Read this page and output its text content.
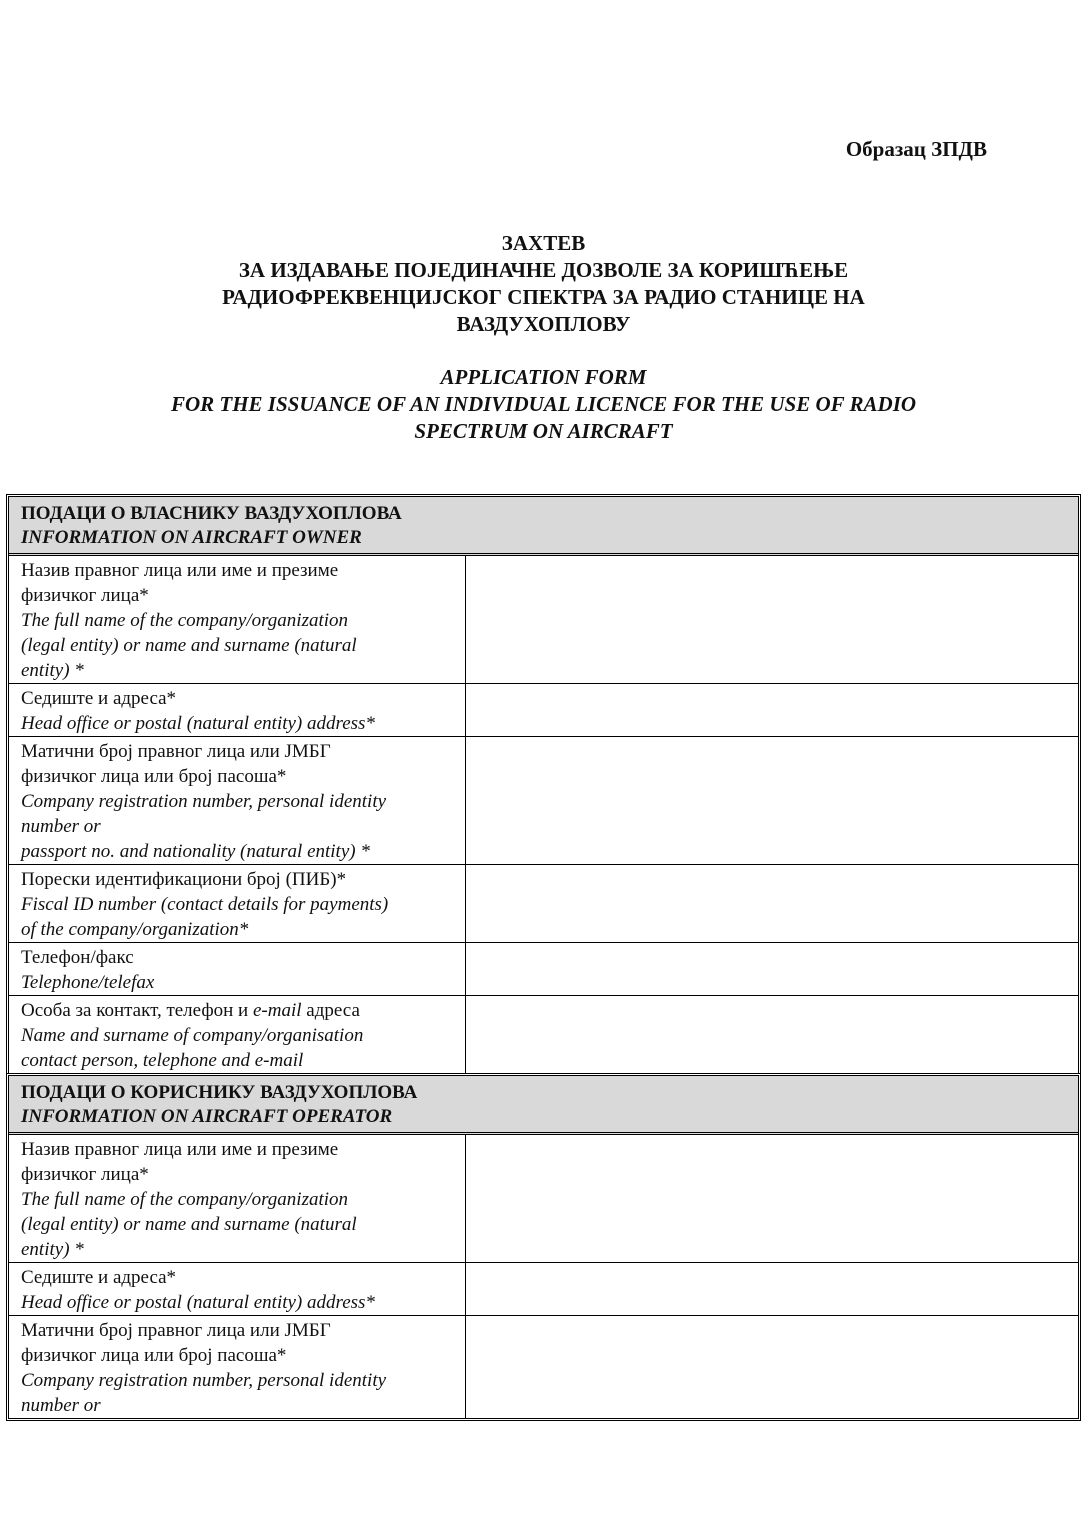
Образац ЗПДВ
ЗАХТЕВ
ЗА ИЗДАВАЊЕ ПОЈЕДИНАЧНЕ ДОЗВОЛЕ ЗА КОРИШЋЕЊЕ
РАДИОФРЕКВЕНЦИЈСКОГ СПЕКТРА ЗА РАДИО СТАНИЦЕ НА
ВАЗДУХОПЛОВУ
APPLICATION FORM
FOR THE ISSUANCE OF AN INDIVIDUAL LICENCE FOR THE USE OF RADIO
SPECTRUM ON AIRCRAFT
ПОДАЦИ О ВЛАСНИКУ ВАЗДУХОПЛОВА
INFORMATION ON AIRCRAFT OWNER
Назив правног лица или име и презиме
физичког лица*
The full name of the company/organization
(legal entity) or name and surname (natural
entity) *
Седиште и адреса*
Head office or postal (natural entity) address*
Матични број правног лица или ЈМБГ
физичког лица или број пасоша*
Company registration number, personal identity
number or
passport no. and nationality (natural entity) *
Порески идентификациони број (ПИБ)*
Fiscal ID number (contact details for payments)
of the company/organization*
Телефон/факс
Telephone/telefax
Особа за контакт, телефон и e-mail адреса
Name and surname of company/organisation
contact person, telephone and e-mail
ПОДАЦИ О КОРИСНИКУ ВАЗДУХОПЛОВА
INFORMATION ON AIRCRAFT OPERATOR
Назив правног лица или име и презиме
физичког лица*
The full name of the company/organization
(legal entity) or name and surname (natural
entity) *
Седиште и адреса*
Head office or postal (natural entity) address*
Матични број правног лица или ЈМБГ
физичког лица или број пасоша*
Company registration number, personal identity
number or
